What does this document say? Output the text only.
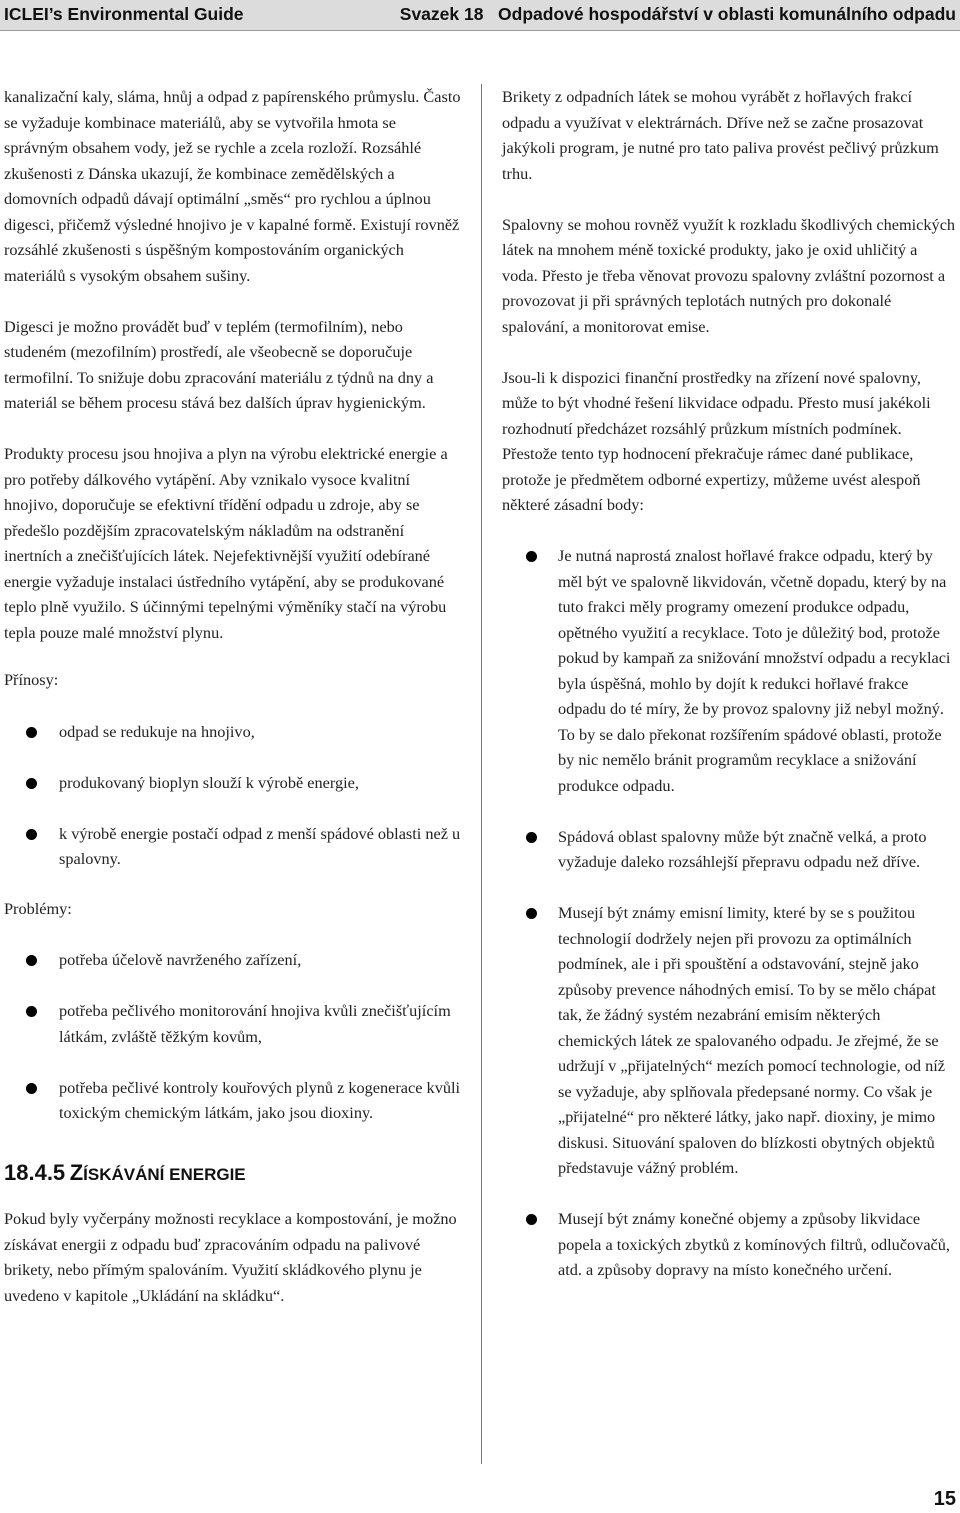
ICLEI’s Environmental Guide	Svazek 18   Odpadové hospodářství v oblasti komunálního odpadu

kanalizační kaly, sláma, hnůj a odpad z papírenského průmyslu. Často se vyžaduje kombinace materiálů, aby se vytvořila hmota se správným obsahem vody, jež se rychle a zcela rozloží. Rozsáhlé zkušenosti z Dánska ukazují, že kombinace zemědělských a domovních odpadů dávají optimální „směs“ pro rychlou a úplnou digesci, přičemž výsledné hnojivo je v kapalné formě. Existují rovněž rozsáhlé zkušenosti s úspěšným kompostováním organických materiálů s vysokým obsahem sušiny.

Digesci je možno provádět buď v teplém (termofilním), nebo studeném (mezofilním) prostředí, ale všeobecně se doporučuje termofilní. To snižuje dobu zpracování materiálu z týdnů na dny a materiál se během procesu stává bez dalších úprav hygienickým.

Produkty procesu jsou hnojiva a plyn na výrobu elektrické energie a pro potřeby dálkového vytápění. Aby vznikalo vysoce kvalitní hnojivo, doporučuje se efektivní třídění odpadu u zdroje, aby se předešlo pozdějším zpracovatelským nákladům na odstranění inertních a znečišťujících látek. Nejefektivnější využití odebírané energie vyžaduje instalaci ústředního vytápění, aby se produkované teplo plně využilo. S účinnými tepelnými výměníky stačí na výrobu tepla pouze malé množství plynu.

Přínosy:

odpad se redukuje na hnojivo,
produkovaný bioplyn slouží k výrobě energie,
k výrobě energie postačí odpad z menší spádové oblasti než u spalovny.

Problémy:

potřeba účelově navrženého zařízení,
potřeba pečlivého monitorování hnojiva kvůli znečišťujícím látkám, zvláště těžkým kovům,
potřeba pečlivé kontroly kouřových plynů z kogenerace kvůli toxickým chemickým látkám, jako jsou dioxiny.

18.4.5 ZÍSKÁVÁNÍ ENERGIE

Pokud byly vyčerpány možnosti recyklace a kompostování, je možno získávat energii z odpadu buď zpracováním odpadu na palivové brikety, nebo přímým spalováním. Využití skládkového plynu je uvedeno v kapitole „Ukládání na skládku“.

Brikety z odpadních látek se mohou vyrábět z hořlavých frakcí odpadu a využívat v elektrárnách. Dříve než se začne prosazovat jakýkoli program, je nutné pro tato paliva provést pečlivý průzkum trhu.

Spalovny se mohou rovněž využít k rozkladu škodlivých chemických látek na mnohem méně toxické produkty, jako je oxid uhličitý a voda. Přesto je třeba věnovat provozu spalovny zvláštní pozornost a provozovat ji při správných teplotách nutných pro dokonalé spalování, a monitorovat emise.

Jsou-li k dispozici finanční prostředky na zřízení nové spalovny, může to být vhodné řešení likvidace odpadu. Přesto musí jakékoli rozhodnutí předcházet rozsáhlý průzkum místních podmínek.

Přestože tento typ hodnocení překračuje rámec dané publikace, protože je předmětem odborné expertizy, můžeme uvést alespoň některé zásadní body:

Je nutná naprostá znalost hořlavé frakce odpadu, který by měl být ve spalovně likvidován, včetně dopadu, který by na tuto frakci měly programy omezení produkce odpadu, opětného využití a recyklace. Toto je důležitý bod, protože pokud by kampaň za snižování množství odpadu a recyklaci byla úspěšná, mohlo by dojít k redukci hořlavé frakce odpadu do té míry, že by provoz spalovny již nebyl možný. To by se dalo překonat rozšířením spádové oblasti, protože by nic nemělo bránit programům recyklace a snižování produkce odpadu.
Spádová oblast spalovny může být značně velká, a proto vyžaduje daleko rozsáhlejší přepravu odpadu než dříve.
Musejí být známy emisní limity, které by se s použitou technologií dodržely nejen při provozu za optimálních podmínek, ale i při spouštění a odstavování, stejně jako způsoby prevence náhodných emisí. To by se mělo chápat tak, že žádný systém nezabrání emisím některých chemických látek ze spalovaného odpadu. Je zřejmé, že se udržují v „přijatelných“ mezích pomocí technologie, od níž se vyžaduje, aby splňovala předepsané normy. Co však je „přijatelné“ pro některé látky, jako např. dioxiny, je mimo diskusi. Situování spaloven do blízkosti obytných objektů představuje vážný problém.
Musejí být známy konečné objemy a způsoby likvidace popela a toxických zbytků z komínových filtrů, odlučovačů, atd. a způsoby dopravy na místo konečného určení.
15
